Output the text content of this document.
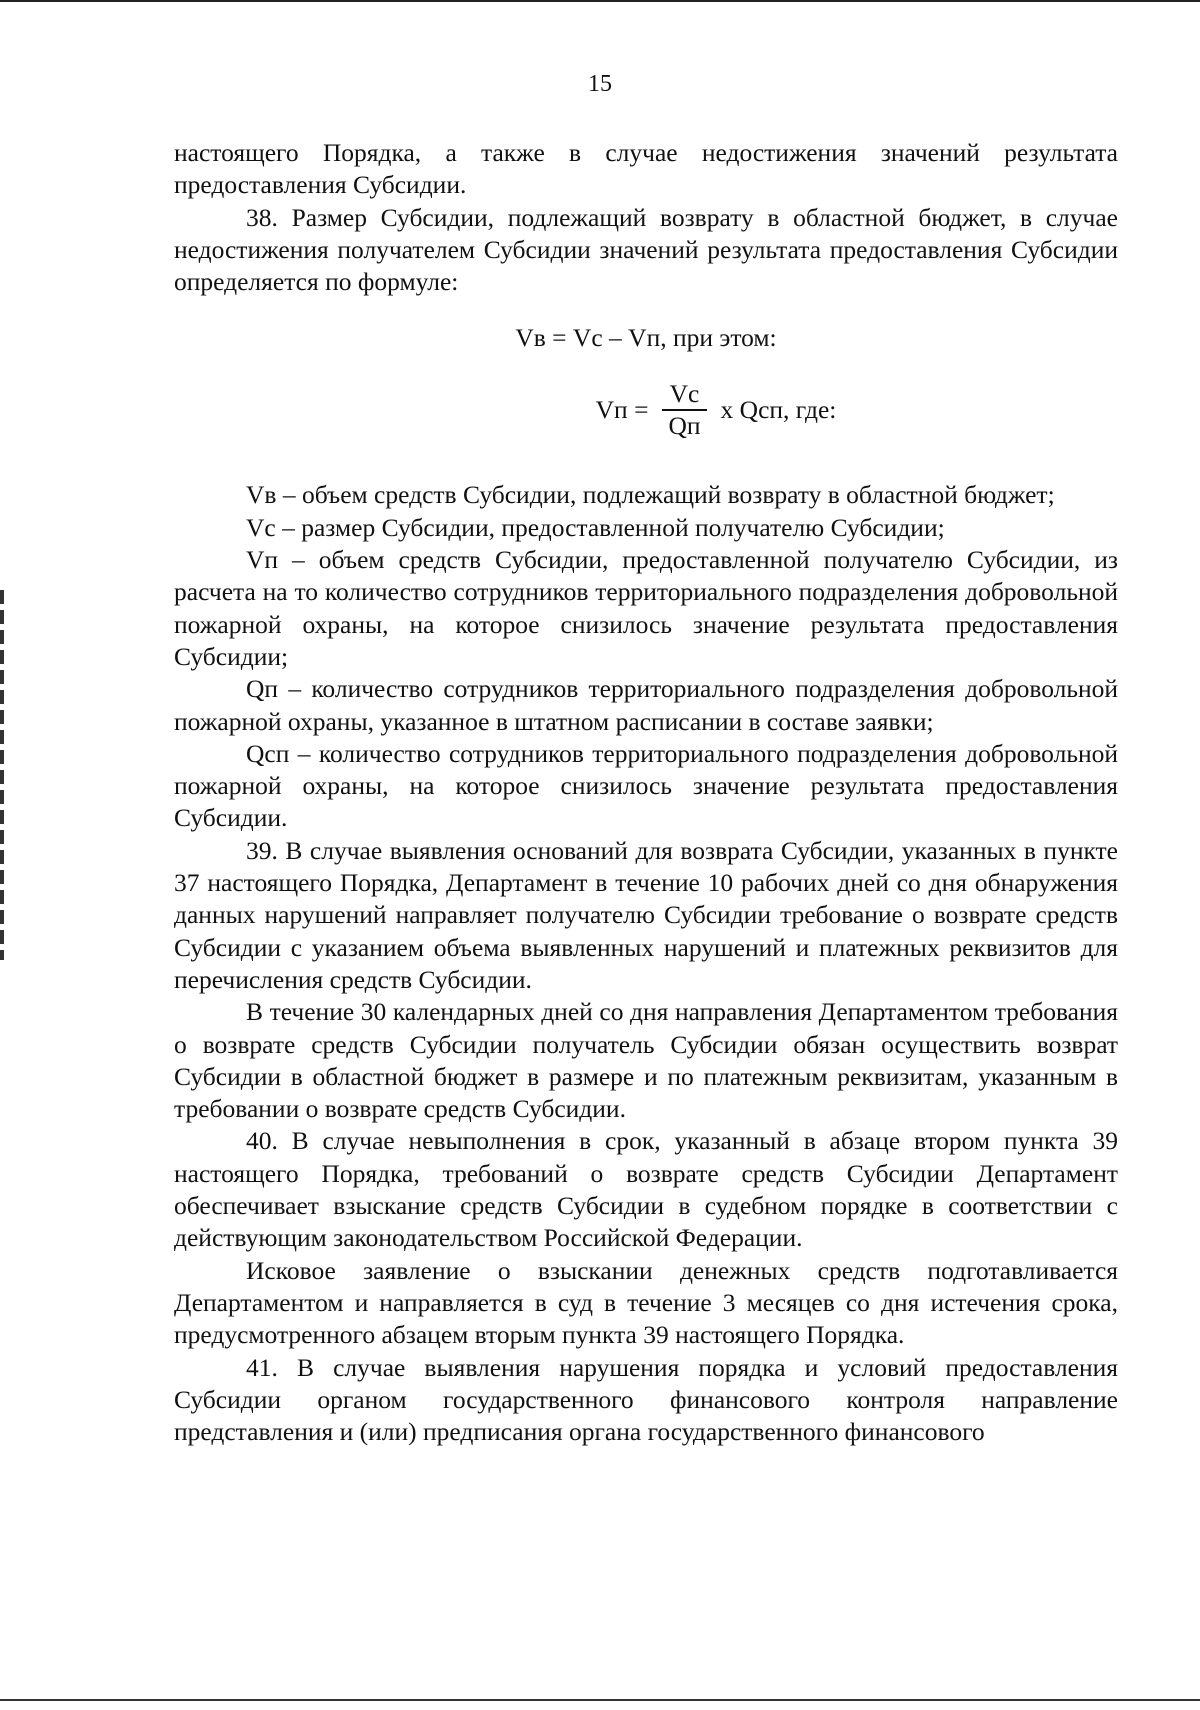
15

настоящего Порядка, а также в случае недостижения значений результата предоставления Субсидии.

38. Размер Субсидии, подлежащий возврату в областной бюджет, в случае недостижения получателем Субсидии значений результата предоставления Субсидии определяется по формуле:

Vв = Vс – Vп, при этом:
Vп = $\frac{Vс}{Qп}$ х Qсп, где:

Vв – объем средств Субсидии, подлежащий возврату в областной бюджет;

Vс – размер Субсидии, предоставленной получателю Субсидии;

Vп – объем средств Субсидии, предоставленной получателю Субсидии, из расчета на то количество сотрудников территориального подразделения добровольной пожарной охраны, на которое снизилось значение результата предоставления Субсидии;

Qп – количество сотрудников территориального подразделения добровольной пожарной охраны, указанное в штатном расписании в составе заявки;

Qсп – количество сотрудников территориального подразделения добровольной пожарной охраны, на которое снизилось значение результата предоставления Субсидии.

39. В случае выявления оснований для возврата Субсидии, указанных в пункте 37 настоящего Порядка, Департамент в течение 10 рабочих дней со дня обнаружения данных нарушений направляет получателю Субсидии требование о возврате средств Субсидии с указанием объема выявленных нарушений и платежных реквизитов для перечисления средств Субсидии.

В течение 30 календарных дней со дня направления Департаментом требования о возврате средств Субсидии получатель Субсидии обязан осуществить возврат Субсидии в областной бюджет в размере и по платежным реквизитам, указанным в требовании о возврате средств Субсидии.

40. В случае невыполнения в срок, указанный в абзаце втором пункта 39 настоящего Порядка, требований о возврате средств Субсидии Департамент обеспечивает взыскание средств Субсидии в судебном порядке в соответствии с действующим законодательством Российской Федерации.

Исковое заявление о взыскании денежных средств подготавливается Департаментом и направляется в суд в течение 3 месяцев со дня истечения срока, предусмотренного абзацем вторым пункта 39 настоящего Порядка.

41. В случае выявления нарушения порядка и условий предоставления Субсидии органом государственного финансового контроля направление представления и (или) предписания органа государственного финансового
